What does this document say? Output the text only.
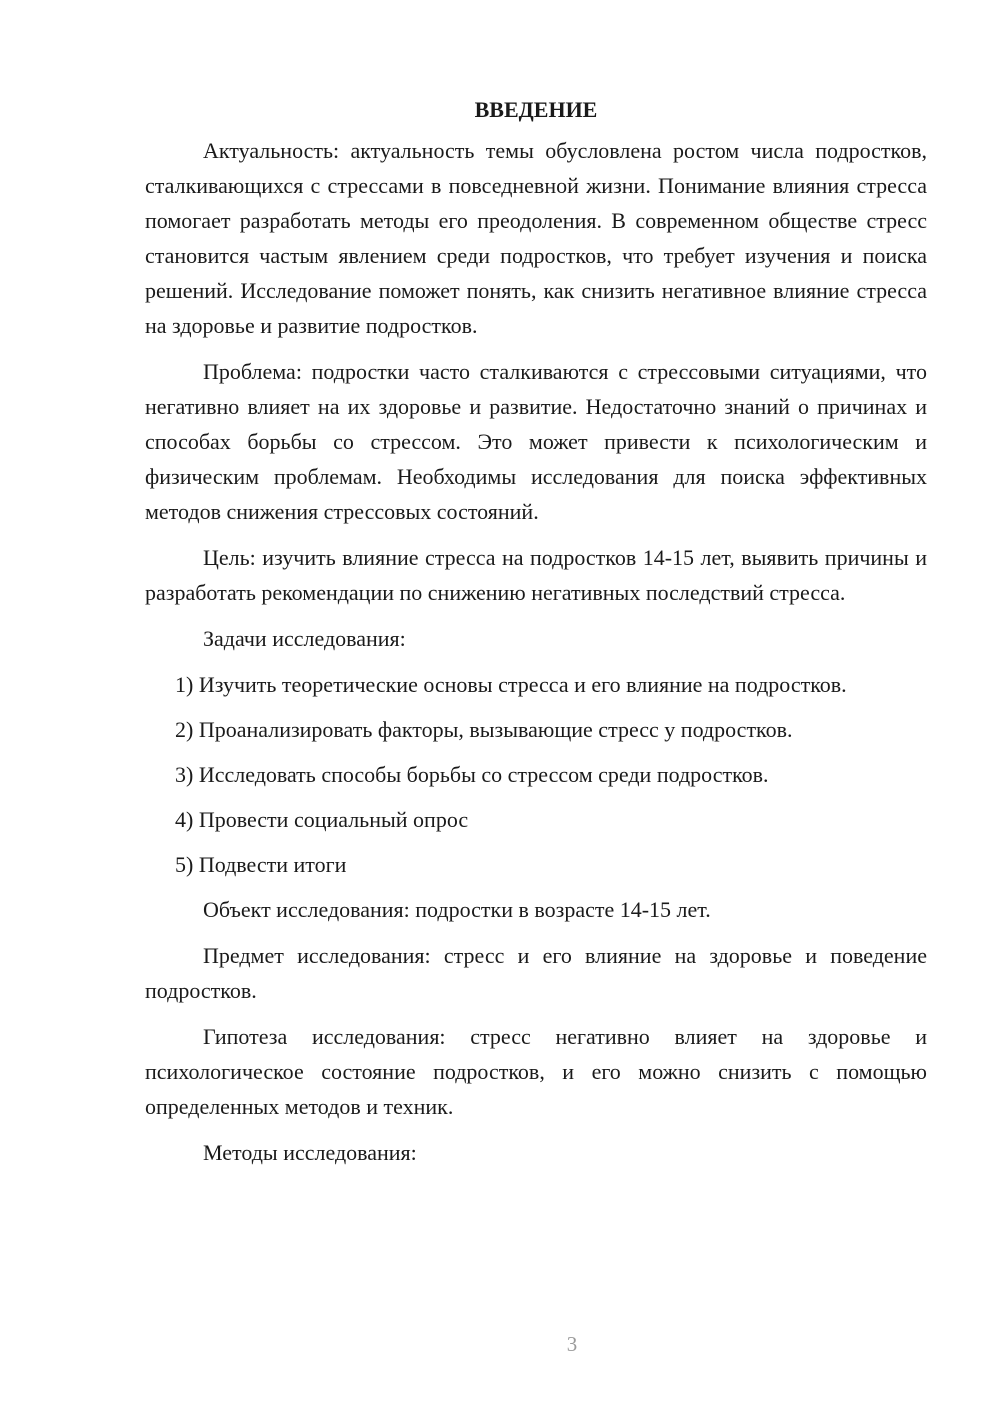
ВВЕДЕНИЕ

Актуальность: актуальность темы обусловлена ростом числа подростков, сталкивающихся с стрессами в повседневной жизни. Понимание влияния стресса помогает разработать методы его преодоления. В современном обществе стресс становится частым явлением среди подростков, что требует изучения и поиска решений. Исследование поможет понять, как снизить негативное влияние стресса на здоровье и развитие подростков.

Проблема: подростки часто сталкиваются с стрессовыми ситуациями, что негативно влияет на их здоровье и развитие. Недостаточно знаний о причинах и способах борьбы со стрессом. Это может привести к психологическим и физическим проблемам. Необходимы исследования для поиска эффективных методов снижения стрессовых состояний.

Цель: изучить влияние стресса на подростков 14-15 лет, выявить причины и разработать рекомендации по снижению негативных последствий стресса.

Задачи исследования:

1) Изучить теоретические основы стресса и его влияние на подростков.
2) Проанализировать факторы, вызывающие стресс у подростков.
3) Исследовать способы борьбы со стрессом среди подростков.
4) Провести социальный опрос
5) Подвести итоги

Объект исследования: подростки в возрасте 14-15 лет.

Предмет исследования: стресс и его влияние на здоровье и поведение подростков.

Гипотеза исследования: стресс негативно влияет на здоровье и психологическое состояние подростков, и его можно снизить с помощью определенных методов и техник.

Методы исследования:

3
